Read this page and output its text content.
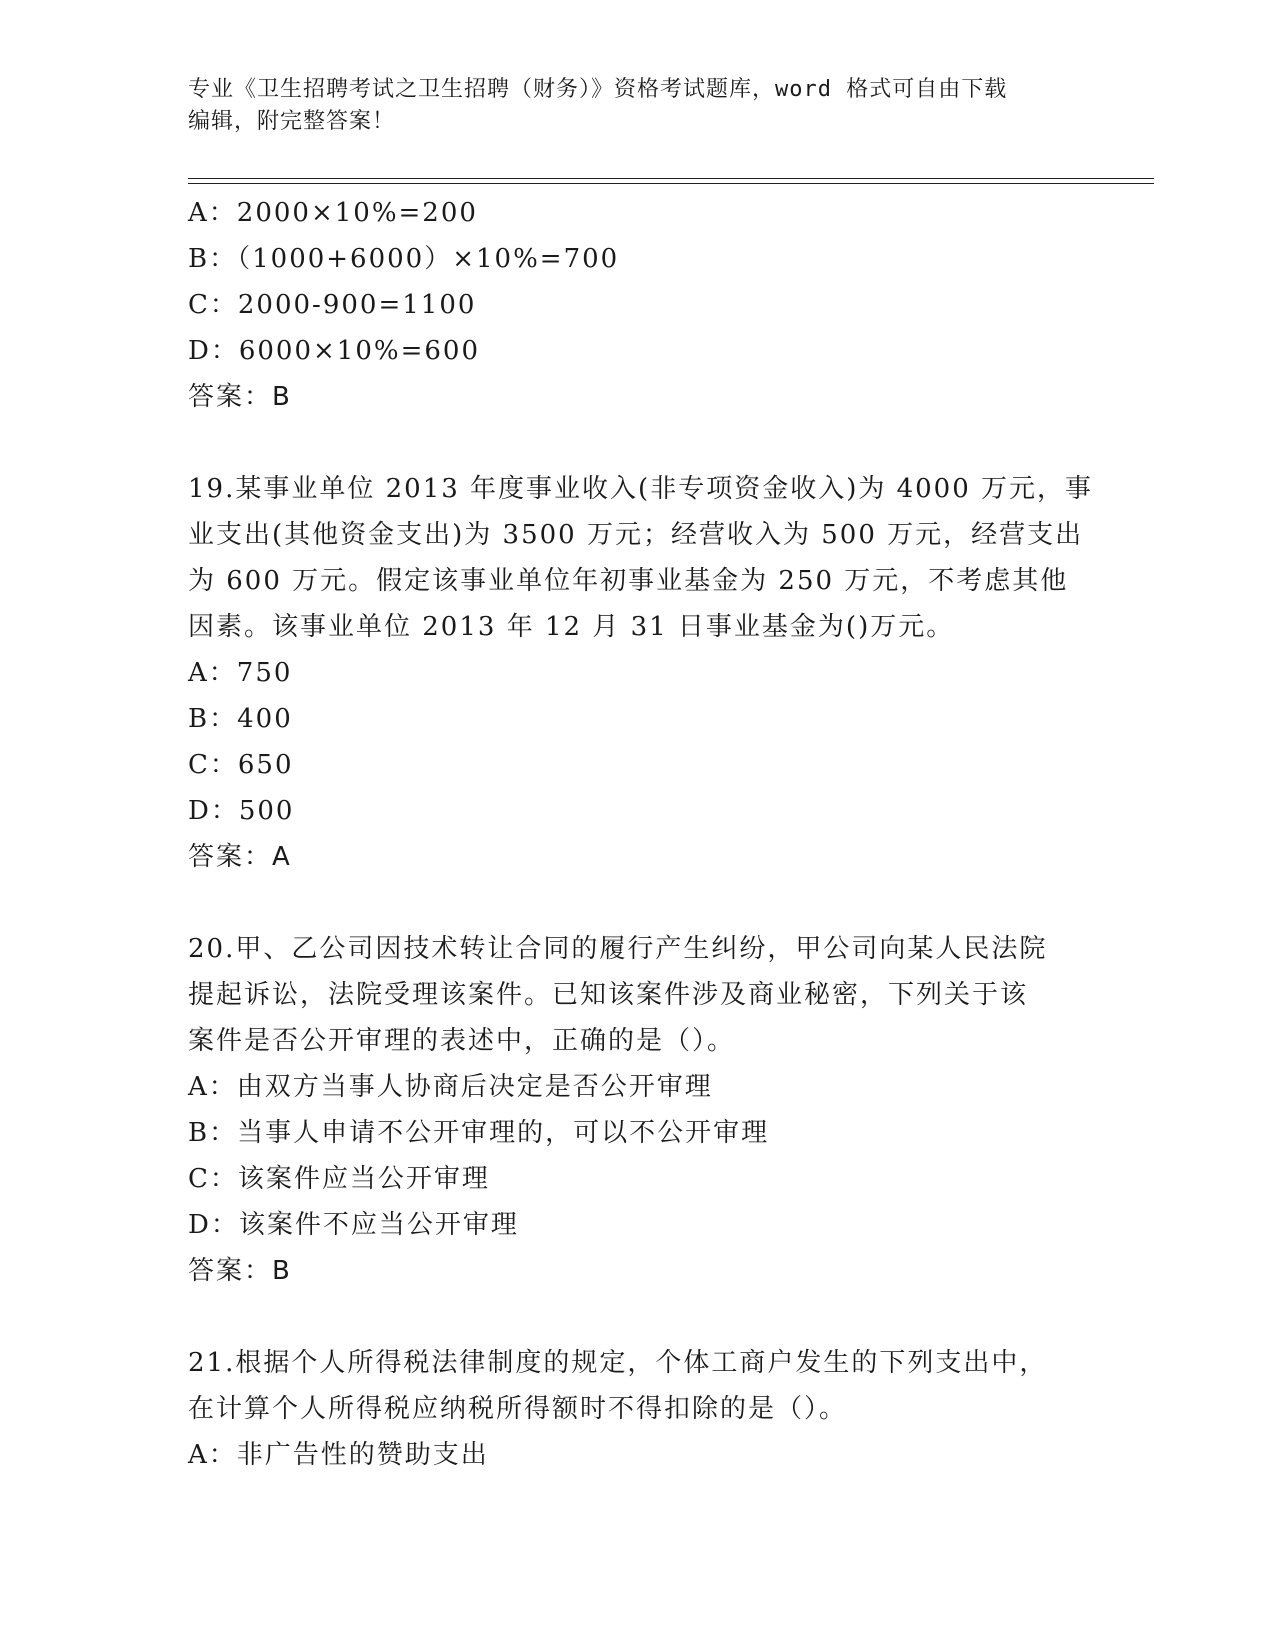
专业《卫生招聘考试之卫生招聘（财务）》资格考试题库，word 格式可自由下载
编辑，附完整答案！
A：2000×10%=200
B：（1000+6000）×10%=700
C：2000-900=1100
D：6000×10%=600
答案：B
19.某事业单位 2013 年度事业收入(非专项资金收入)为 4000 万元，事
业支出(其他资金支出)为 3500 万元；经营收入为 500 万元，经营支出
为 600 万元。假定该事业单位年初事业基金为 250 万元，不考虑其他
因素。该事业单位 2013 年 12 月 31 日事业基金为()万元。
A：750
B：400
C：650
D：500
答案：A
20.甲、乙公司因技术转让合同的履行产生纠纷，甲公司向某人民法院
提起诉讼，法院受理该案件。已知该案件涉及商业秘密，下列关于该
案件是否公开审理的表述中，正确的是（）。
A：由双方当事人协商后决定是否公开审理
B：当事人申请不公开审理的，可以不公开审理
C：该案件应当公开审理
D：该案件不应当公开审理
答案：B
21.根据个人所得税法律制度的规定，个体工商户发生的下列支出中，
在计算个人所得税应纳税所得额时不得扣除的是（）。
A：非广告性的赞助支出
